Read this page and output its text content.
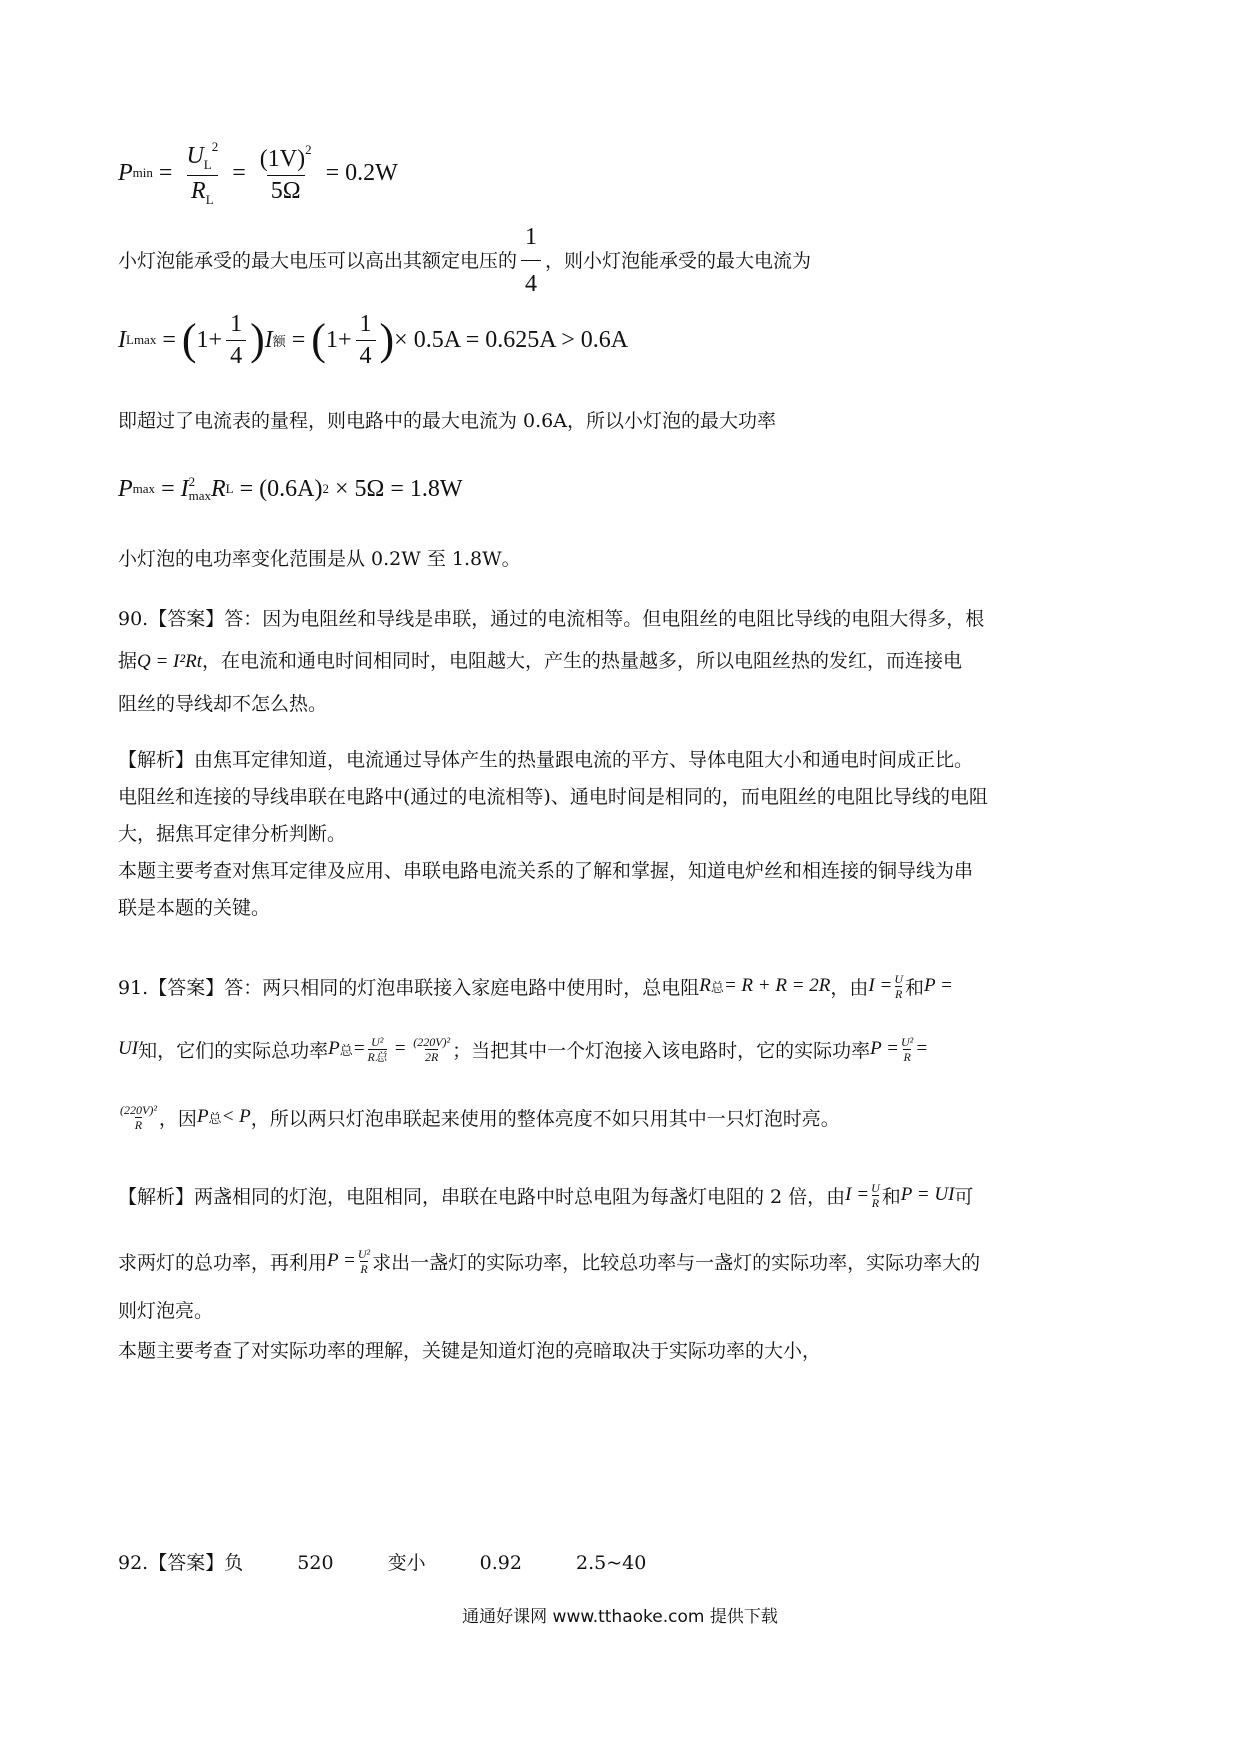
P $\min = \frac{U_L^2}{R_L} = \frac{(1V)^2}{5\Omega} = 0.2W$
小灯泡能承受的最大电压可以高出其额定电压的 $\frac{1}{4}$ ，则小灯泡能承受的最大电流为
I Lmax = ( $1+ \frac{1}{4}$ ) I 额 = ( $1+ \frac{1}{4}$ ) × 0.5A = 0.625A > 0.6A
即超过了电流表的量程，则电路中的最大电流为 0.6A，所以小灯泡的最大功率
P max = I 2
max R L = (0.6A) 2 × 5Ω = 1.8W
小灯泡的电功率变化范围是从 0.2W 至 1.8W。
90.【答案】答：因为电阻丝和导线是串联，通过的电流相等。但电阻丝的电阻比导线的电阻大得多，根
据Q = I²Rt，在电流和通电时间相同时，电阻越大，产生的热量越多，所以电阻丝热的发红，而连接电
阻丝的导线却不怎么热。
【解析】由焦耳定律知道，电流通过导体产生的热量跟电流的平方、导体电阻大小和通电时间成正比。
电阻丝和连接的导线串联在电路中(通过的电流相等)、通电时间是相同的，而电阻丝的电阻比导线的电阻
大，据焦耳定律分析判断。
本题主要考查对焦耳定律及应用、串联电路电流关系的了解和掌握，知道电炉丝和相连接的铜导线为串
联是本题的关键。
91.【答案】答：两只相同的灯泡串联接入家庭电路中使用时，总电阻 R 总 = R + R = 2R ，由 $I = \frac{U}{R}$ 和 P =
UI 知，它们的实际总功率 P 总 = U²
R总 = $\frac{\text{(220V)²}}{2R}$ ；当把其中一个灯泡接入该电路时，它的实际功率 $P = \frac{\text{U²}}{R}$ =
$\frac{\text{(220V)²}}{R}$ ，因 P 总 < P ，所以两只灯泡串联起来使用的整体亮度不如只用其中一只灯泡时亮。
【解析】两盏相同的灯泡，电阻相同，串联在电路中时总电阻为每盏灯电阻的 2 倍，由 $I = \frac{U}{R}$ 和 P = UI 可
求两灯的总功率，再利用 $P = \frac{\text{U²}}{R}$ 求出一盏灯的实际功率，比较总功率与一盏灯的实际功率，实际功率大的
则灯泡亮。
本题主要考查了对实际功率的理解，关键是知道灯泡的亮暗取决于实际功率的大小，
92.【答案】负	520	变小	0.92	2.5~40
通通好课网 www.tthaoke.com 提供下载
